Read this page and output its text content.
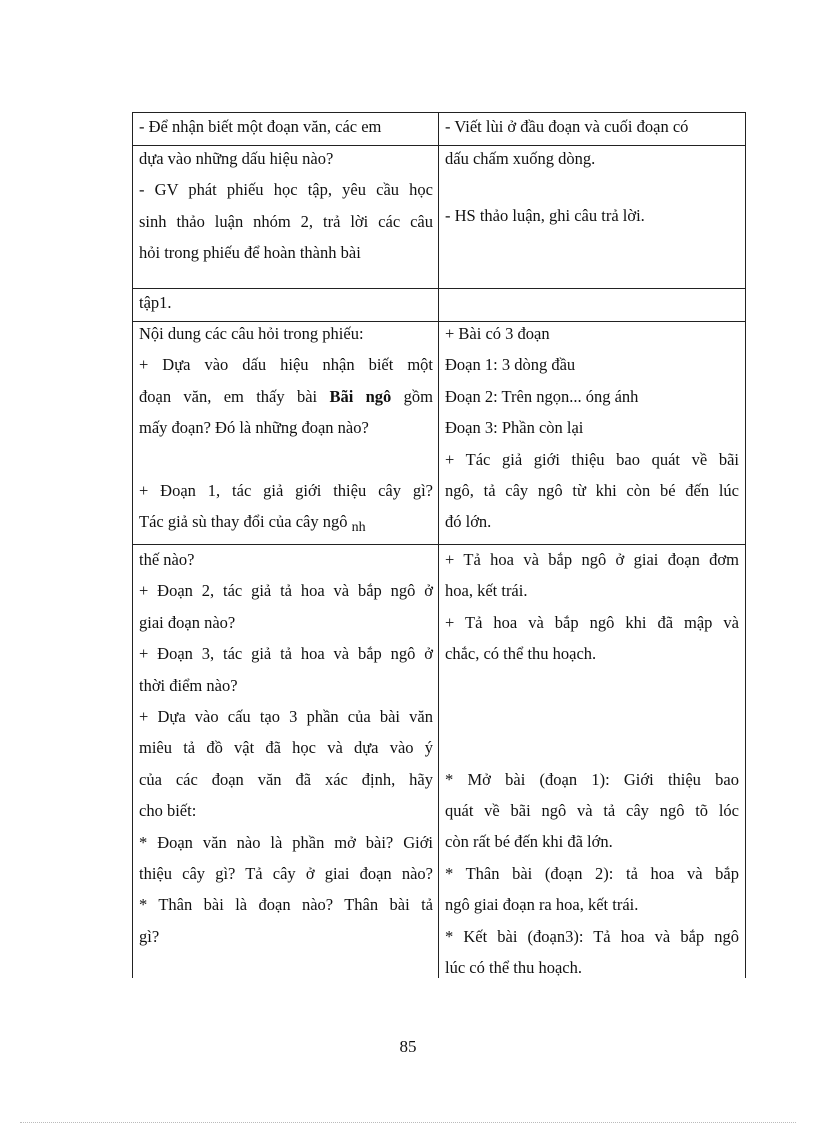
- Để nhận biết một đoạn văn, các em	- Viết lùi ở đầu đoạn và cuối đoạn có

dựa vào những dấu hiệu nào?

- GV phát phiếu học tập, yêu cầu học

sinh thảo luận nhóm 2, trả lời các câu

hỏi trong phiếu để hoàn thành bài

dấu chấm xuống dòng.

- HS thảo luận, ghi câu trả lời.

tập1.

Nội dung các câu hỏi trong phiếu:

+ Dựa vào dấu hiệu nhận biết một

đoạn văn, em thấy bài Bãi ngô gồm

mấy đoạn? Đó là những đoạn nào?

+ Đoạn 1, tác giả giới thiệu cây gì?

Tác giả sù thay đổi của cây ngô $_{nh}$

+ Bài có 3 đoạn

Đoạn 1: 3 dòng đầu

Đoạn 2: Trên ngọn... óng ánh

Đoạn 3: Phần còn lại

+ Tác giả giới thiệu bao quát về bãi

ngô, tả cây ngô từ khi còn bé đến lúc

đó lớn.

thế nào?

+ Đoạn 2, tác giả tả hoa và bắp ngô ở

giai đoạn nào?

+ Đoạn 3, tác giả tả hoa và bắp ngô ở

thời điểm nào?

+ Dựa vào cấu tạo 3 phần của bài văn

miêu tả đồ vật đã học và dựa vào ý

của các đoạn văn đã xác định, hãy

cho biết:

* Đoạn văn nào là phần mở bài? Giới

thiệu cây gì? Tả cây ở giai đoạn nào?

* Thân bài là đoạn nào? Thân bài tả

gì?

+ Tả hoa và bắp ngô ở giai đoạn đơm

hoa, kết trái.

+ Tả hoa và bắp ngô khi đã mập và

chắc, có thể thu hoạch.

* Mở bài (đoạn 1): Giới thiệu bao

quát về bãi ngô và tả cây ngô tõ lóc

còn rất bé đến khi đã lớn.

* Thân bài (đoạn 2): tả hoa và bắp

ngô giai đoạn ra hoa, kết trái.

* Kết bài (đoạn3): Tả hoa và bắp ngô

lúc có thể thu hoạch.

85
